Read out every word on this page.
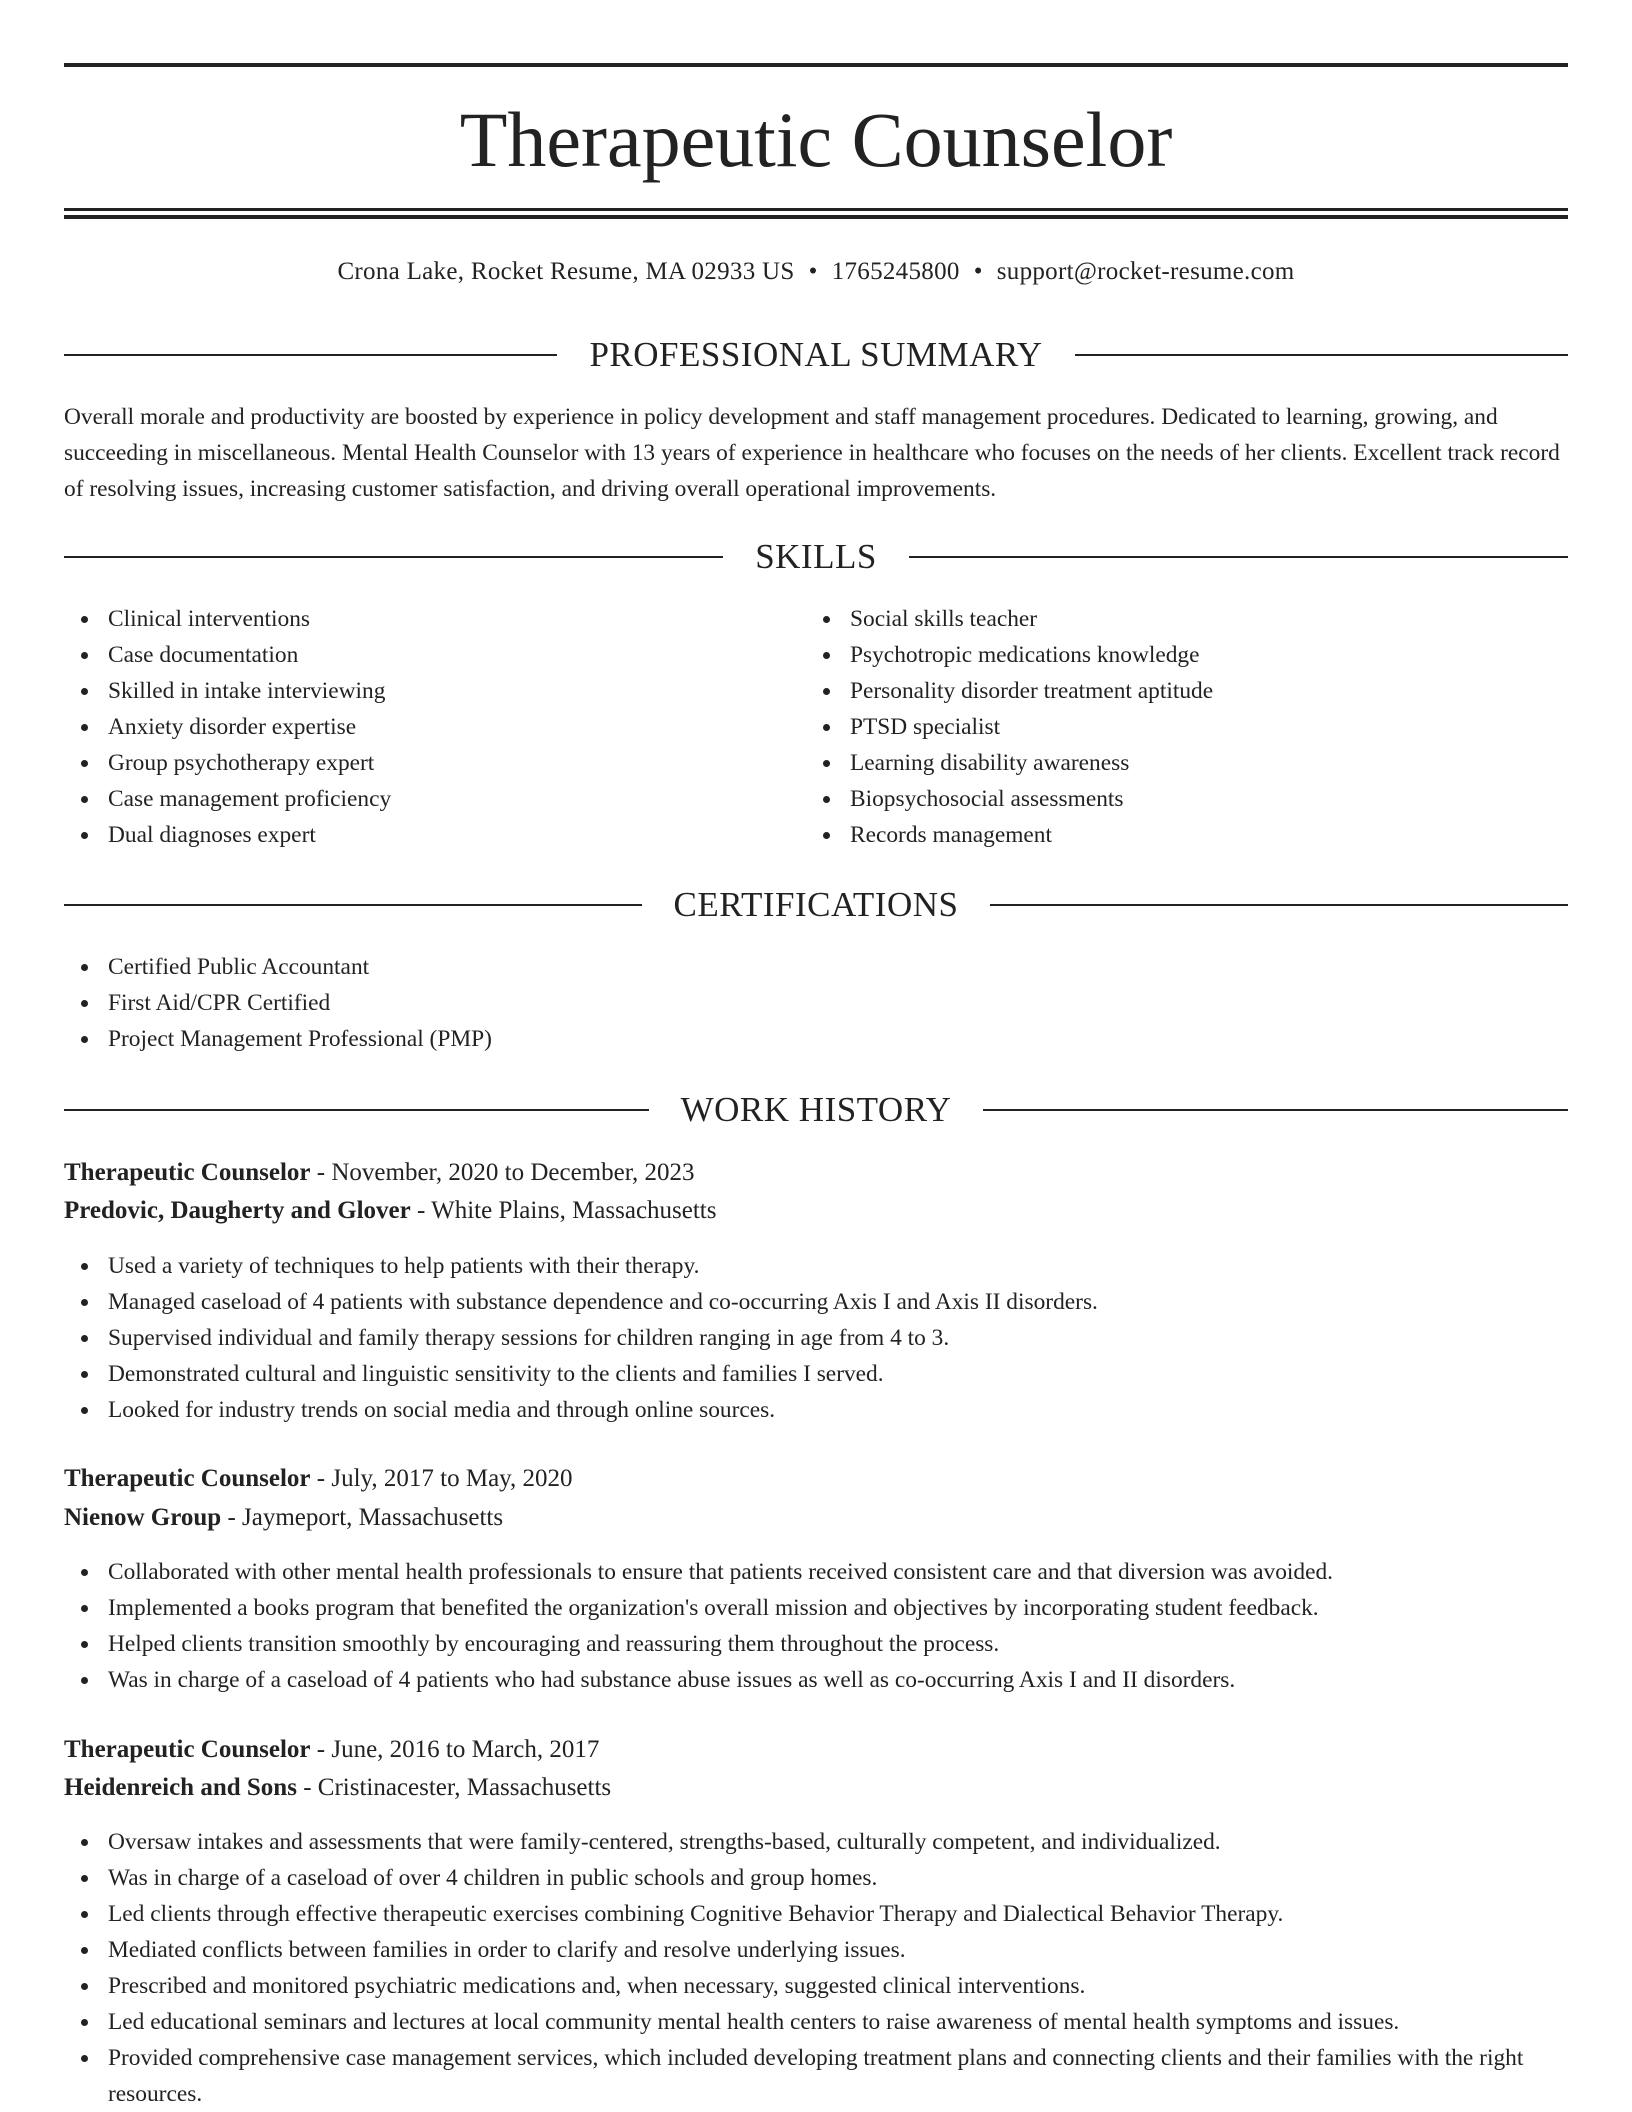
Therapeutic Counselor
Crona Lake, Rocket Resume, MA 02933 US • 1765245800 • support@rocket-resume.com
PROFESSIONAL SUMMARY

Overall morale and productivity are boosted by experience in policy development and staff management procedures. Dedicated to learning, growing, and succeeding in miscellaneous. Mental Health Counselor with 13 years of experience in healthcare who focuses on the needs of her clients. Excellent track record of resolving issues, increasing customer satisfaction, and driving overall operational improvements.

SKILLS
Clinical interventions
Case documentation
Skilled in intake interviewing
Anxiety disorder expertise
Group psychotherapy expert
Case management proficiency
Dual diagnoses expert
Social skills teacher
Psychotropic medications knowledge
Personality disorder treatment aptitude
PTSD specialist
Learning disability awareness
Biopsychosocial assessments
Records management
CERTIFICATIONS
Certified Public Accountant
First Aid/CPR Certified
Project Management Professional (PMP)
WORK HISTORY
Therapeutic Counselor - November, 2020 to December, 2023
Predovic, Daugherty and Glover - White Plains, Massachusetts
Used a variety of techniques to help patients with their therapy.
Managed caseload of 4 patients with substance dependence and co-occurring Axis I and Axis II disorders.
Supervised individual and family therapy sessions for children ranging in age from 4 to 3.
Demonstrated cultural and linguistic sensitivity to the clients and families I served.
Looked for industry trends on social media and through online sources.
Therapeutic Counselor - July, 2017 to May, 2020
Nienow Group - Jaymeport, Massachusetts
Collaborated with other mental health professionals to ensure that patients received consistent care and that diversion was avoided.
Implemented a books program that benefited the organization's overall mission and objectives by incorporating student feedback.
Helped clients transition smoothly by encouraging and reassuring them throughout the process.
Was in charge of a caseload of 4 patients who had substance abuse issues as well as co-occurring Axis I and II disorders.
Therapeutic Counselor - June, 2016 to March, 2017
Heidenreich and Sons - Cristinacester, Massachusetts
Oversaw intakes and assessments that were family-centered, strengths-based, culturally competent, and individualized.
Was in charge of a caseload of over 4 children in public schools and group homes.
Led clients through effective therapeutic exercises combining Cognitive Behavior Therapy and Dialectical Behavior Therapy.
Mediated conflicts between families in order to clarify and resolve underlying issues.
Prescribed and monitored psychiatric medications and, when necessary, suggested clinical interventions.
Led educational seminars and lectures at local community mental health centers to raise awareness of mental health symptoms and issues.
Provided comprehensive case management services, which included developing treatment plans and connecting clients and their families with the right resources.
